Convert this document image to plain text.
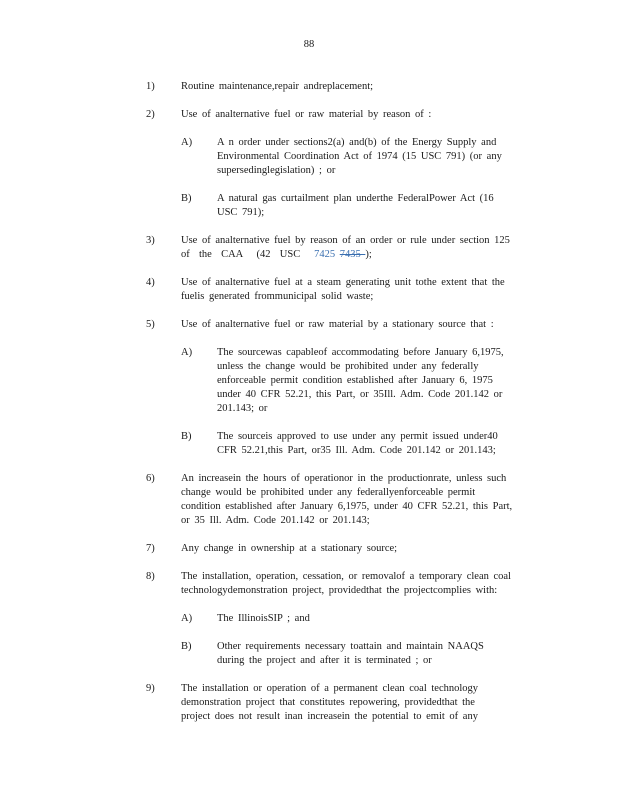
88
1)	Routine maintenance,repair andreplacement;
2)	Use of analternative fuel or raw material by reason of :
A) A n order under sections2(a) and(b) of the Energy Supply and
Environmental Coordination Act of 1974 (15 USC 791) (or any
supersedinglegislation) ; or
B) A natural gas curtailment plan underthe FederalPower Act (16
USC 791);
3)	Use of analternative fuel by reason of an order or rule under section 125
of  the  CAA   (42  USC   7425 7435 );
4)	Use of analternative fuel at a steam generating unit tothe extent that the
fuelis generated frommunicipal solid waste;
5)	Use of analternative fuel or raw material by a stationary source that :
A) The sourcewas capableof accommodating before January 6,1975,
unless the change would be prohibited under any federally
enforceable permit condition established after January 6, 1975
under 40 CFR 52.21, this Part, or 35Ill. Adm. Code 201.142 or
201.143; or
B) The sourceis approved to use under any permit issued under40
CFR 52.21,this Part, or35 Ill. Adm. Code 201.142 or 201.143;
6)	An increasein the hours of operationor in the productionrate, unless such
change would be prohibited under any federallyenforceable permit
condition established after January 6,1975, under 40 CFR 52.21, this Part,
or 35 Ill. Adm. Code 201.142 or 201.143;
7)	Any change in ownership at a stationary source;
8)	The installation, operation, cessation, or removalof a temporary clean coal
technologydemonstration project, providedthat the projectcomplies with:
A) The IllinoisSIP ; and
B) Other requirements necessary toattain and maintain NAAQS
during the project and after it is terminated ; or
9)	The installation or operation of a permanent clean coal technology
demonstration project that constitutes repowering, providedthat the
project does not result inan increasein the potential to emit of any
